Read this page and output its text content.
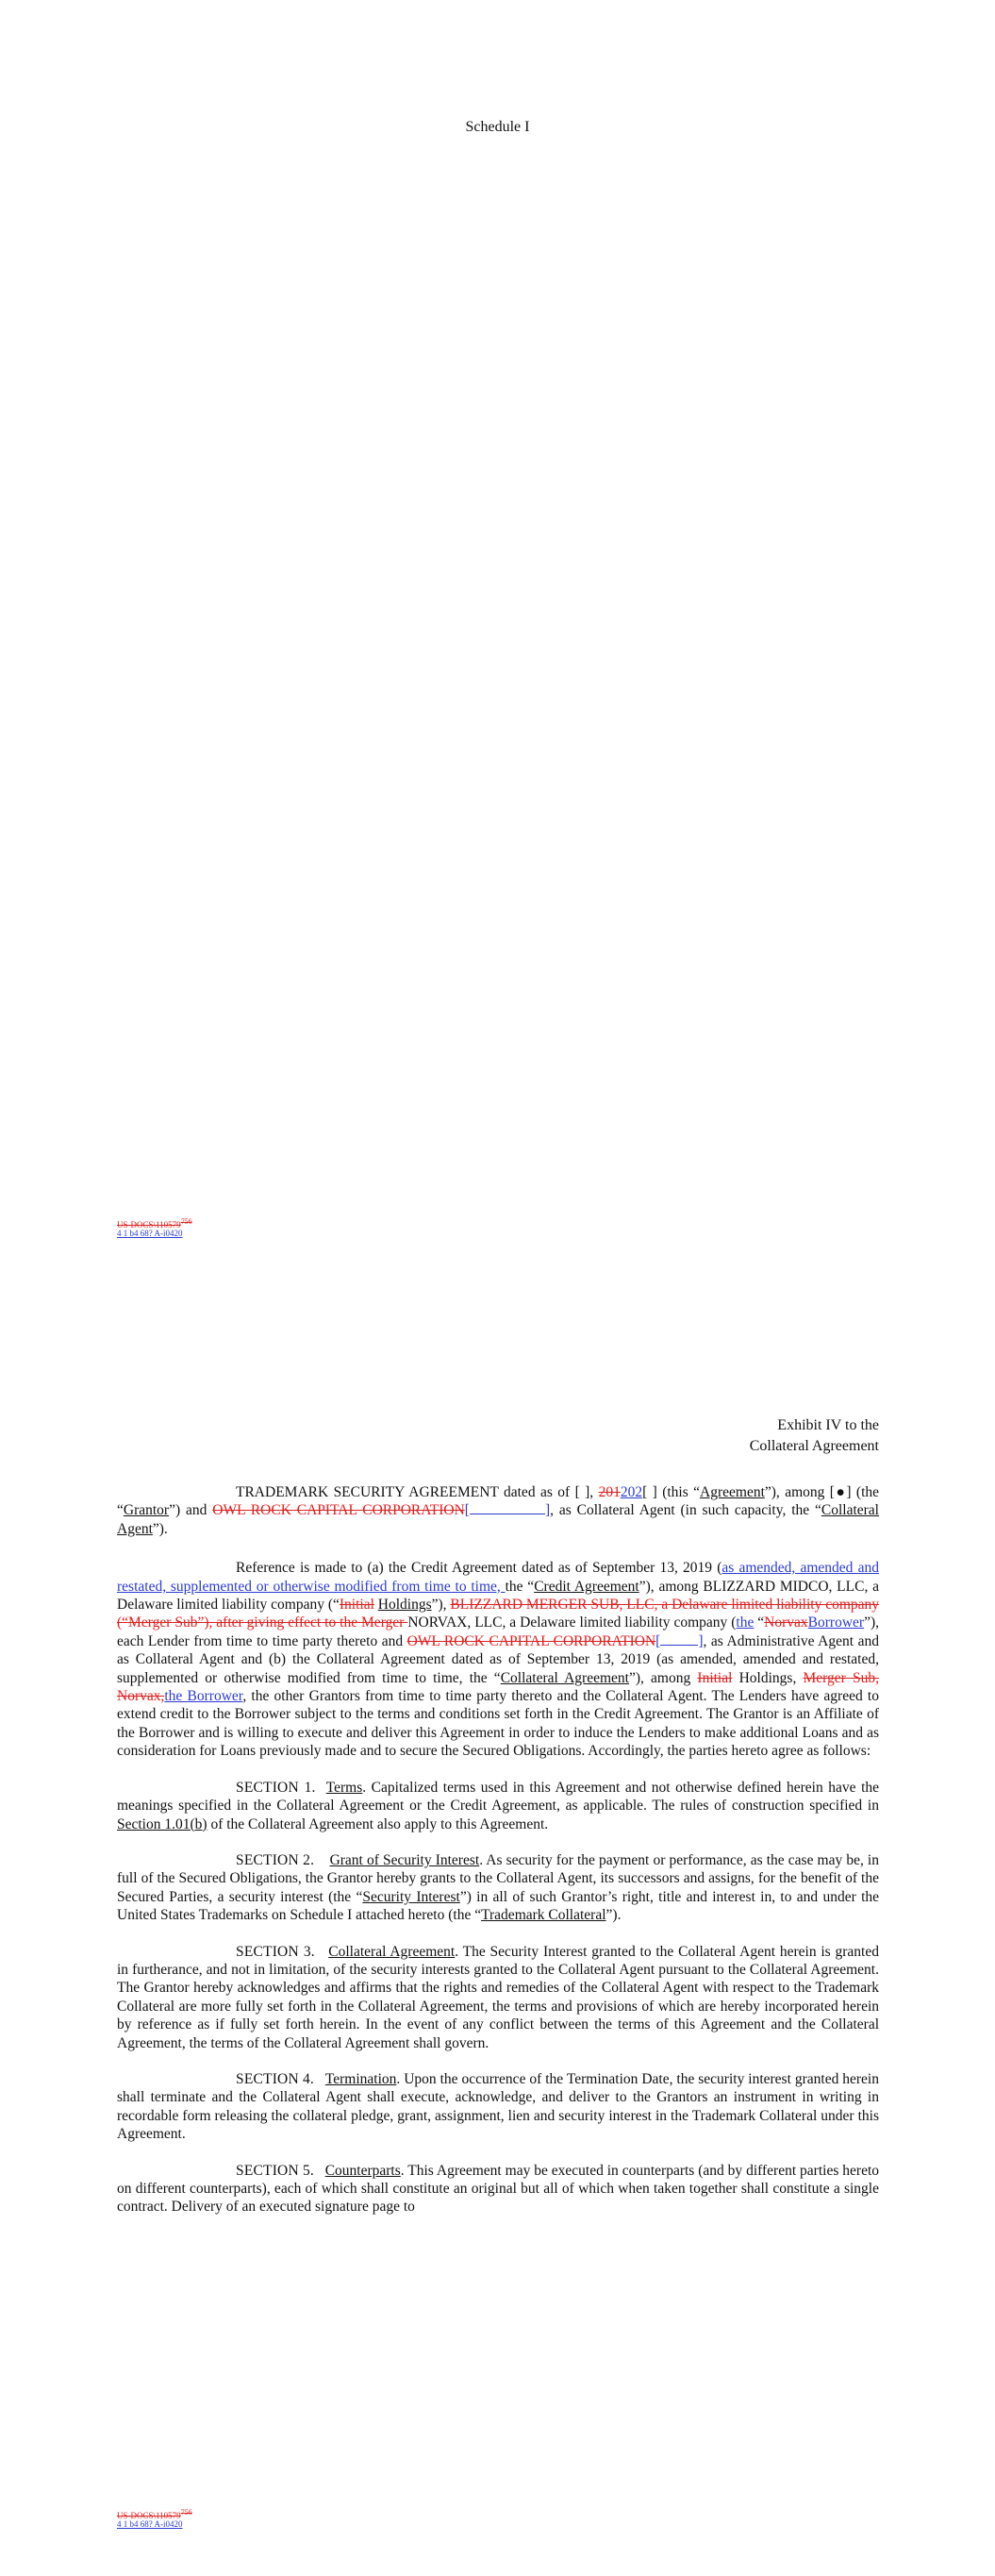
Schedule I
US-DOCS\110579756
4 1 b4 68? A-i0420
Exhibit IV to the
Collateral Agreement

TRADEMARK SECURITY AGREEMENT dated as of [ ], 201202[ ] (this “Agreement”), among [●] (the “Grantor”) and OWL ROCK CAPITAL CORPORATION[	], as Collateral Agent (in such capacity, the “Collateral Agent”).

Reference is made to (a) the Credit Agreement dated as of September 13, 2019 (as amended, amended and restated, supplemented or otherwise modified from time to time, the “Credit Agreement”), among BLIZZARD MIDCO, LLC, a Delaware limited liability company (“Initial Holdings”), BLIZZARD MERGER SUB, LLC, a Delaware limited liability company (“Merger Sub”), after giving effect to the Merger NORVAX, LLC, a Delaware limited liability company (the “NorvaxBorrower”), each Lender from time to time party thereto and OWL ROCK CAPITAL CORPORATION[	], as Administrative Agent and as Collateral Agent and (b) the Collateral Agreement dated as of September 13, 2019 (as amended, amended and restated, supplemented or otherwise modified from time to time, the “Collateral Agreement”), among Initial Holdings, Merger Sub, Norvax,the Borrower, the other Grantors from time to time party thereto and the Collateral Agent. The Lenders have agreed to extend credit to the Borrower subject to the terms and conditions set forth in the Credit Agreement. The Grantor is an Affiliate of the Borrower and is willing to execute and deliver this Agreement in order to induce the Lenders to make additional Loans and as consideration for Loans previously made and to secure the Secured Obligations. Accordingly, the parties hereto agree as follows:

SECTION 1. Terms. Capitalized terms used in this Agreement and not otherwise defined herein have the meanings specified in the Collateral Agreement or the Credit Agreement, as applicable. The rules of construction specified in Section 1.01(b) of the Collateral Agreement also apply to this Agreement.

SECTION 2. Grant of Security Interest. As security for the payment or performance, as the case may be, in full of the Secured Obligations, the Grantor hereby grants to the Collateral Agent, its successors and assigns, for the benefit of the Secured Parties, a security interest (the “Security Interest”) in all of such Grantor’s right, title and interest in, to and under the United States Trademarks on Schedule I attached hereto (the “Trademark Collateral”).

SECTION 3. Collateral Agreement. The Security Interest granted to the Collateral Agent herein is granted in furtherance, and not in limitation, of the security interests granted to the Collateral Agent pursuant to the Collateral Agreement. The Grantor hereby acknowledges and affirms that the rights and remedies of the Collateral Agent with respect to the Trademark Collateral are more fully set forth in the Collateral Agreement, the terms and provisions of which are hereby incorporated herein by reference as if fully set forth herein. In the event of any conflict between the terms of this Agreement and the Collateral Agreement, the terms of the Collateral Agreement shall govern.

SECTION 4. Termination. Upon the occurrence of the Termination Date, the security interest granted herein shall terminate and the Collateral Agent shall execute, acknowledge, and deliver to the Grantors an instrument in writing in recordable form releasing the collateral pledge, grant, assignment, lien and security interest in the Trademark Collateral under this Agreement.

SECTION 5. Counterparts. This Agreement may be executed in counterparts (and by different parties hereto on different counterparts), each of which shall constitute an original but all of which when taken together shall constitute a single contract. Delivery of an executed signature page to

US-DOCS\110579756
4 1 b4 68? A-i0420
